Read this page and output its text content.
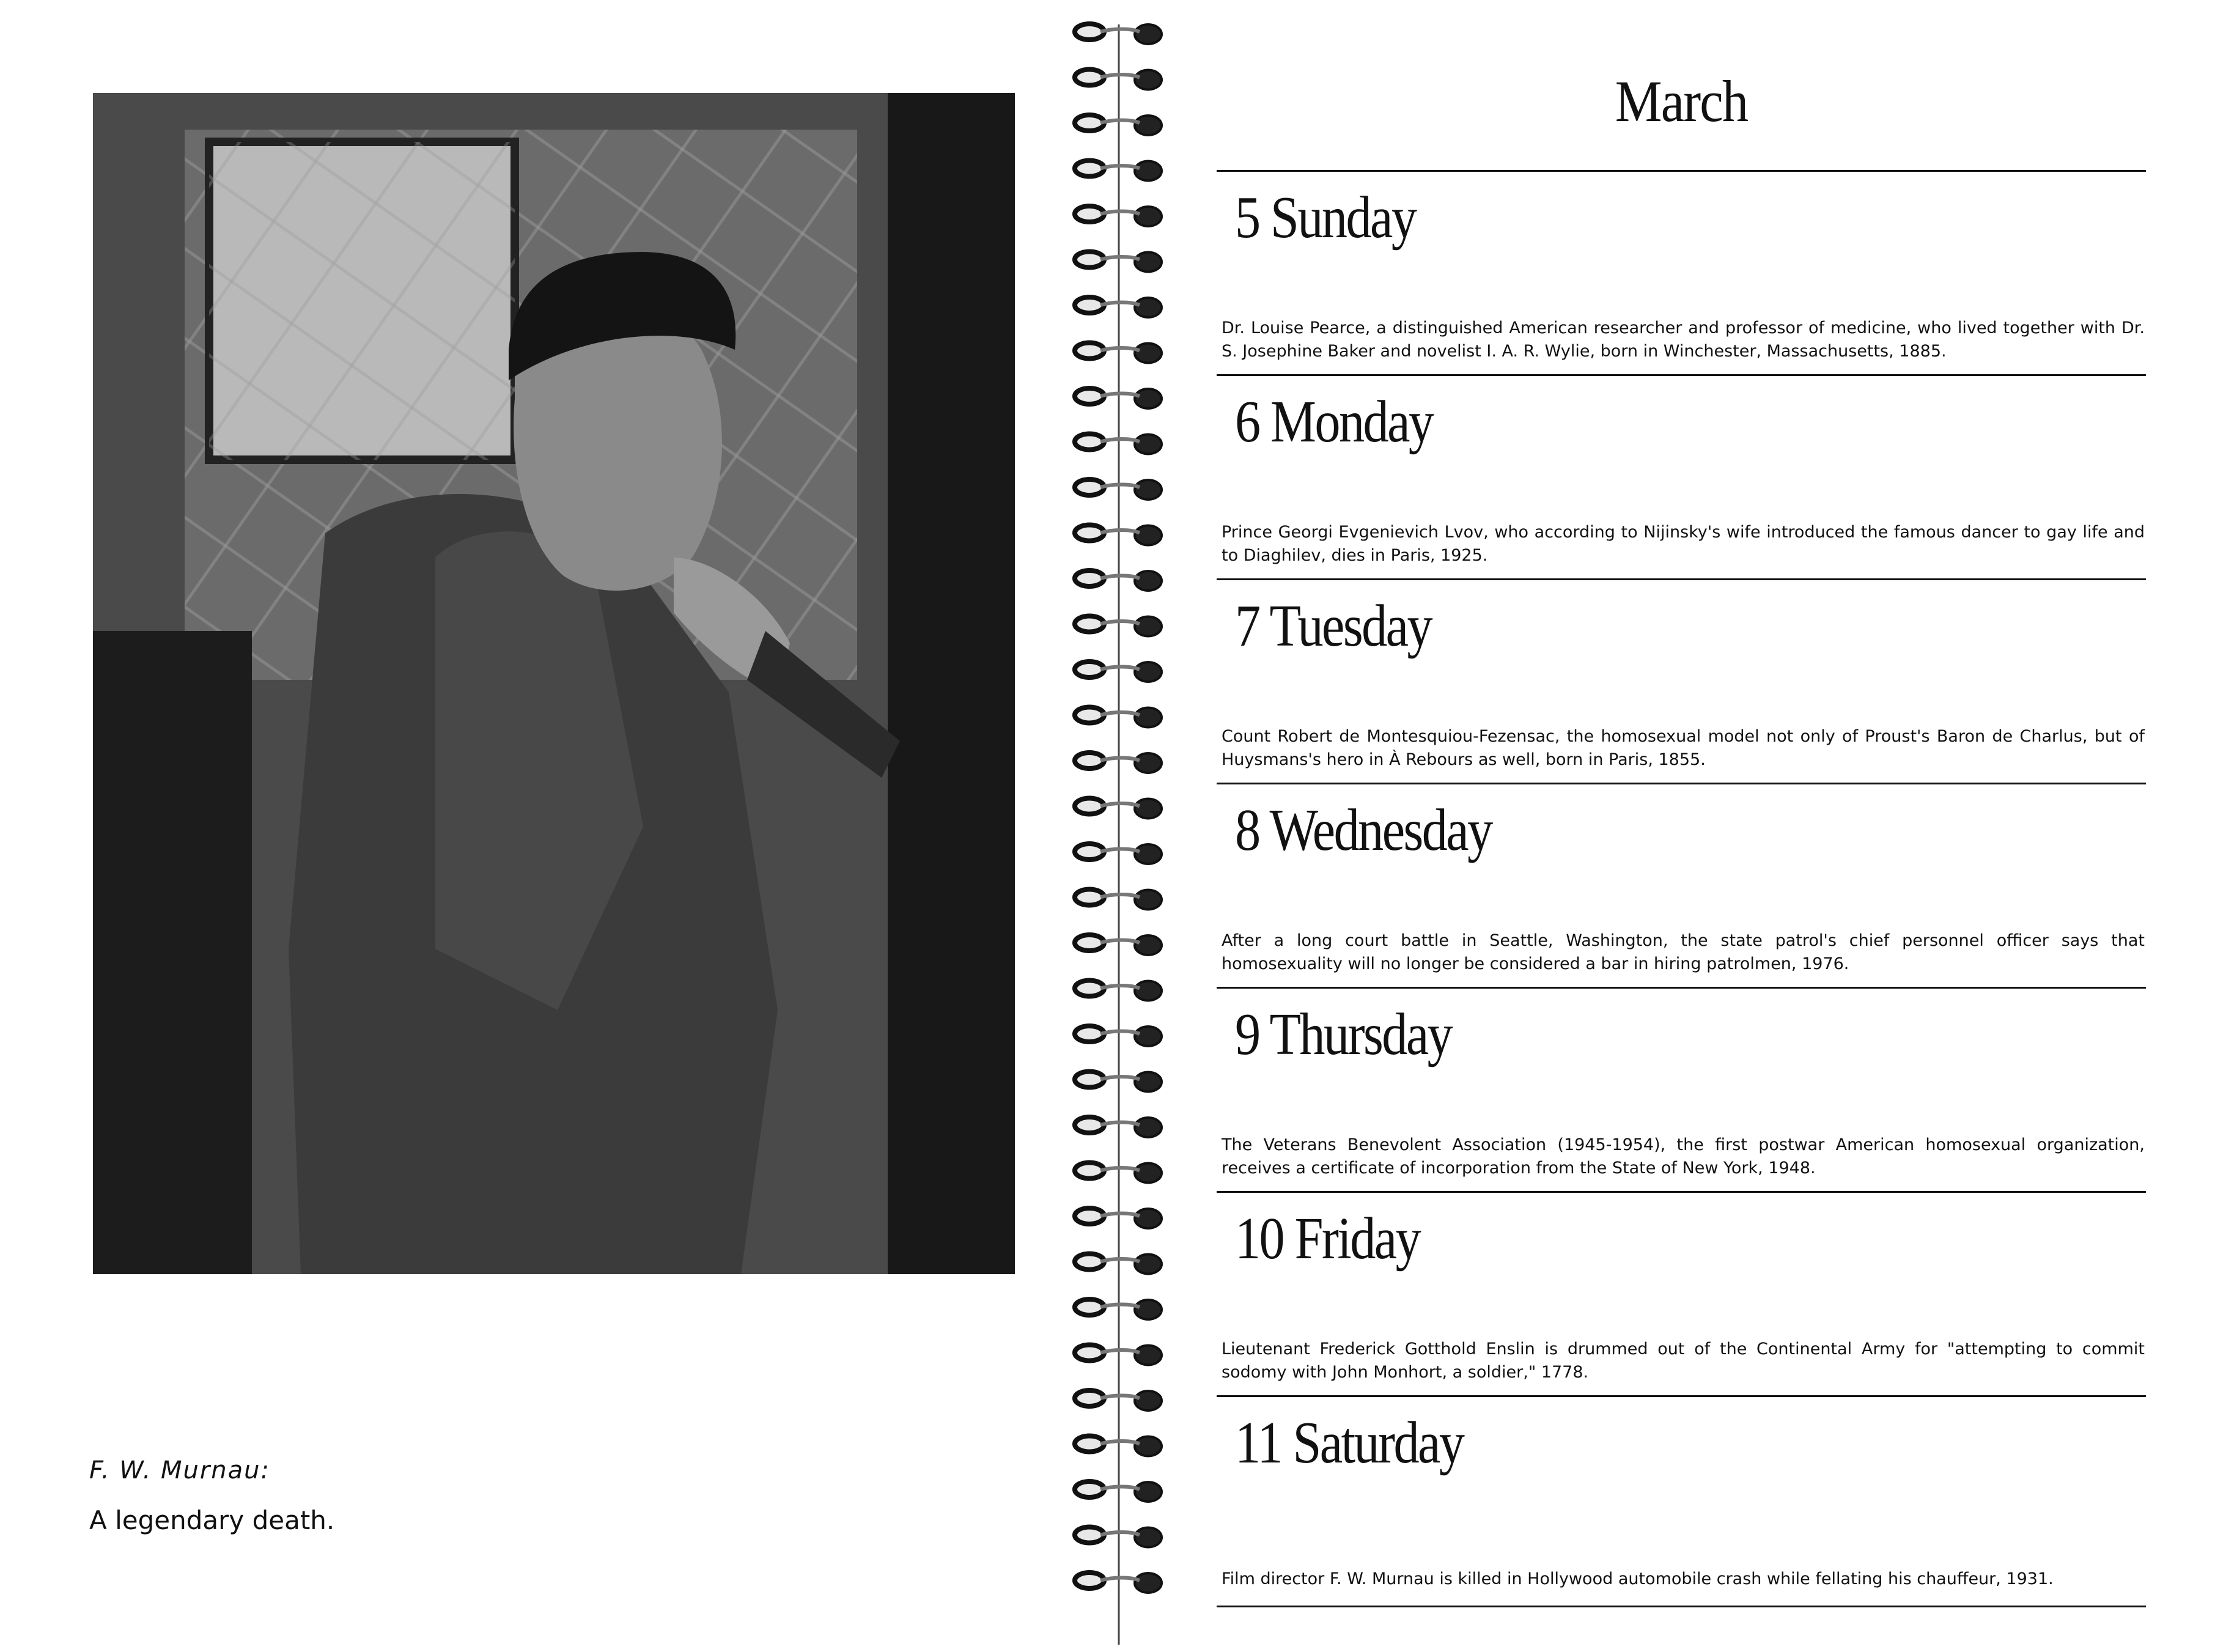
F. W. Murnau:
A legendary death.
March
5 Sunday
Dr. Louise Pearce, a distinguished American researcher and professor of medicine, who lived together with Dr. S. Josephine Baker and novelist I. A. R. Wylie, born in Winchester, Massachusetts, 1885.
6 Monday
Prince Georgi Evgenievich Lvov, who according to Nijinsky's wife introduced the famous dancer to gay life and to Diaghilev, dies in Paris, 1925.
7 Tuesday
Count Robert de Montesquiou-Fezensac, the homosexual model not only of Proust's Baron de Charlus, but of Huysmans's hero in À Rebours as well, born in Paris, 1855.
8 Wednesday
After a long court battle in Seattle, Washington, the state patrol's chief personnel officer says that homosexuality will no longer be considered a bar in hiring patrolmen, 1976.
9 Thursday
The Veterans Benevolent Association (1945-1954), the first postwar American homosexual organization, receives a certificate of incorporation from the State of New York, 1948.
10 Friday
Lieutenant Frederick Gotthold Enslin is drummed out of the Continental Army for "attempting to commit sodomy with John Monhort, a soldier," 1778.
11 Saturday
Film director F. W. Murnau is killed in Hollywood automobile crash while fellating his chauffeur, 1931.
